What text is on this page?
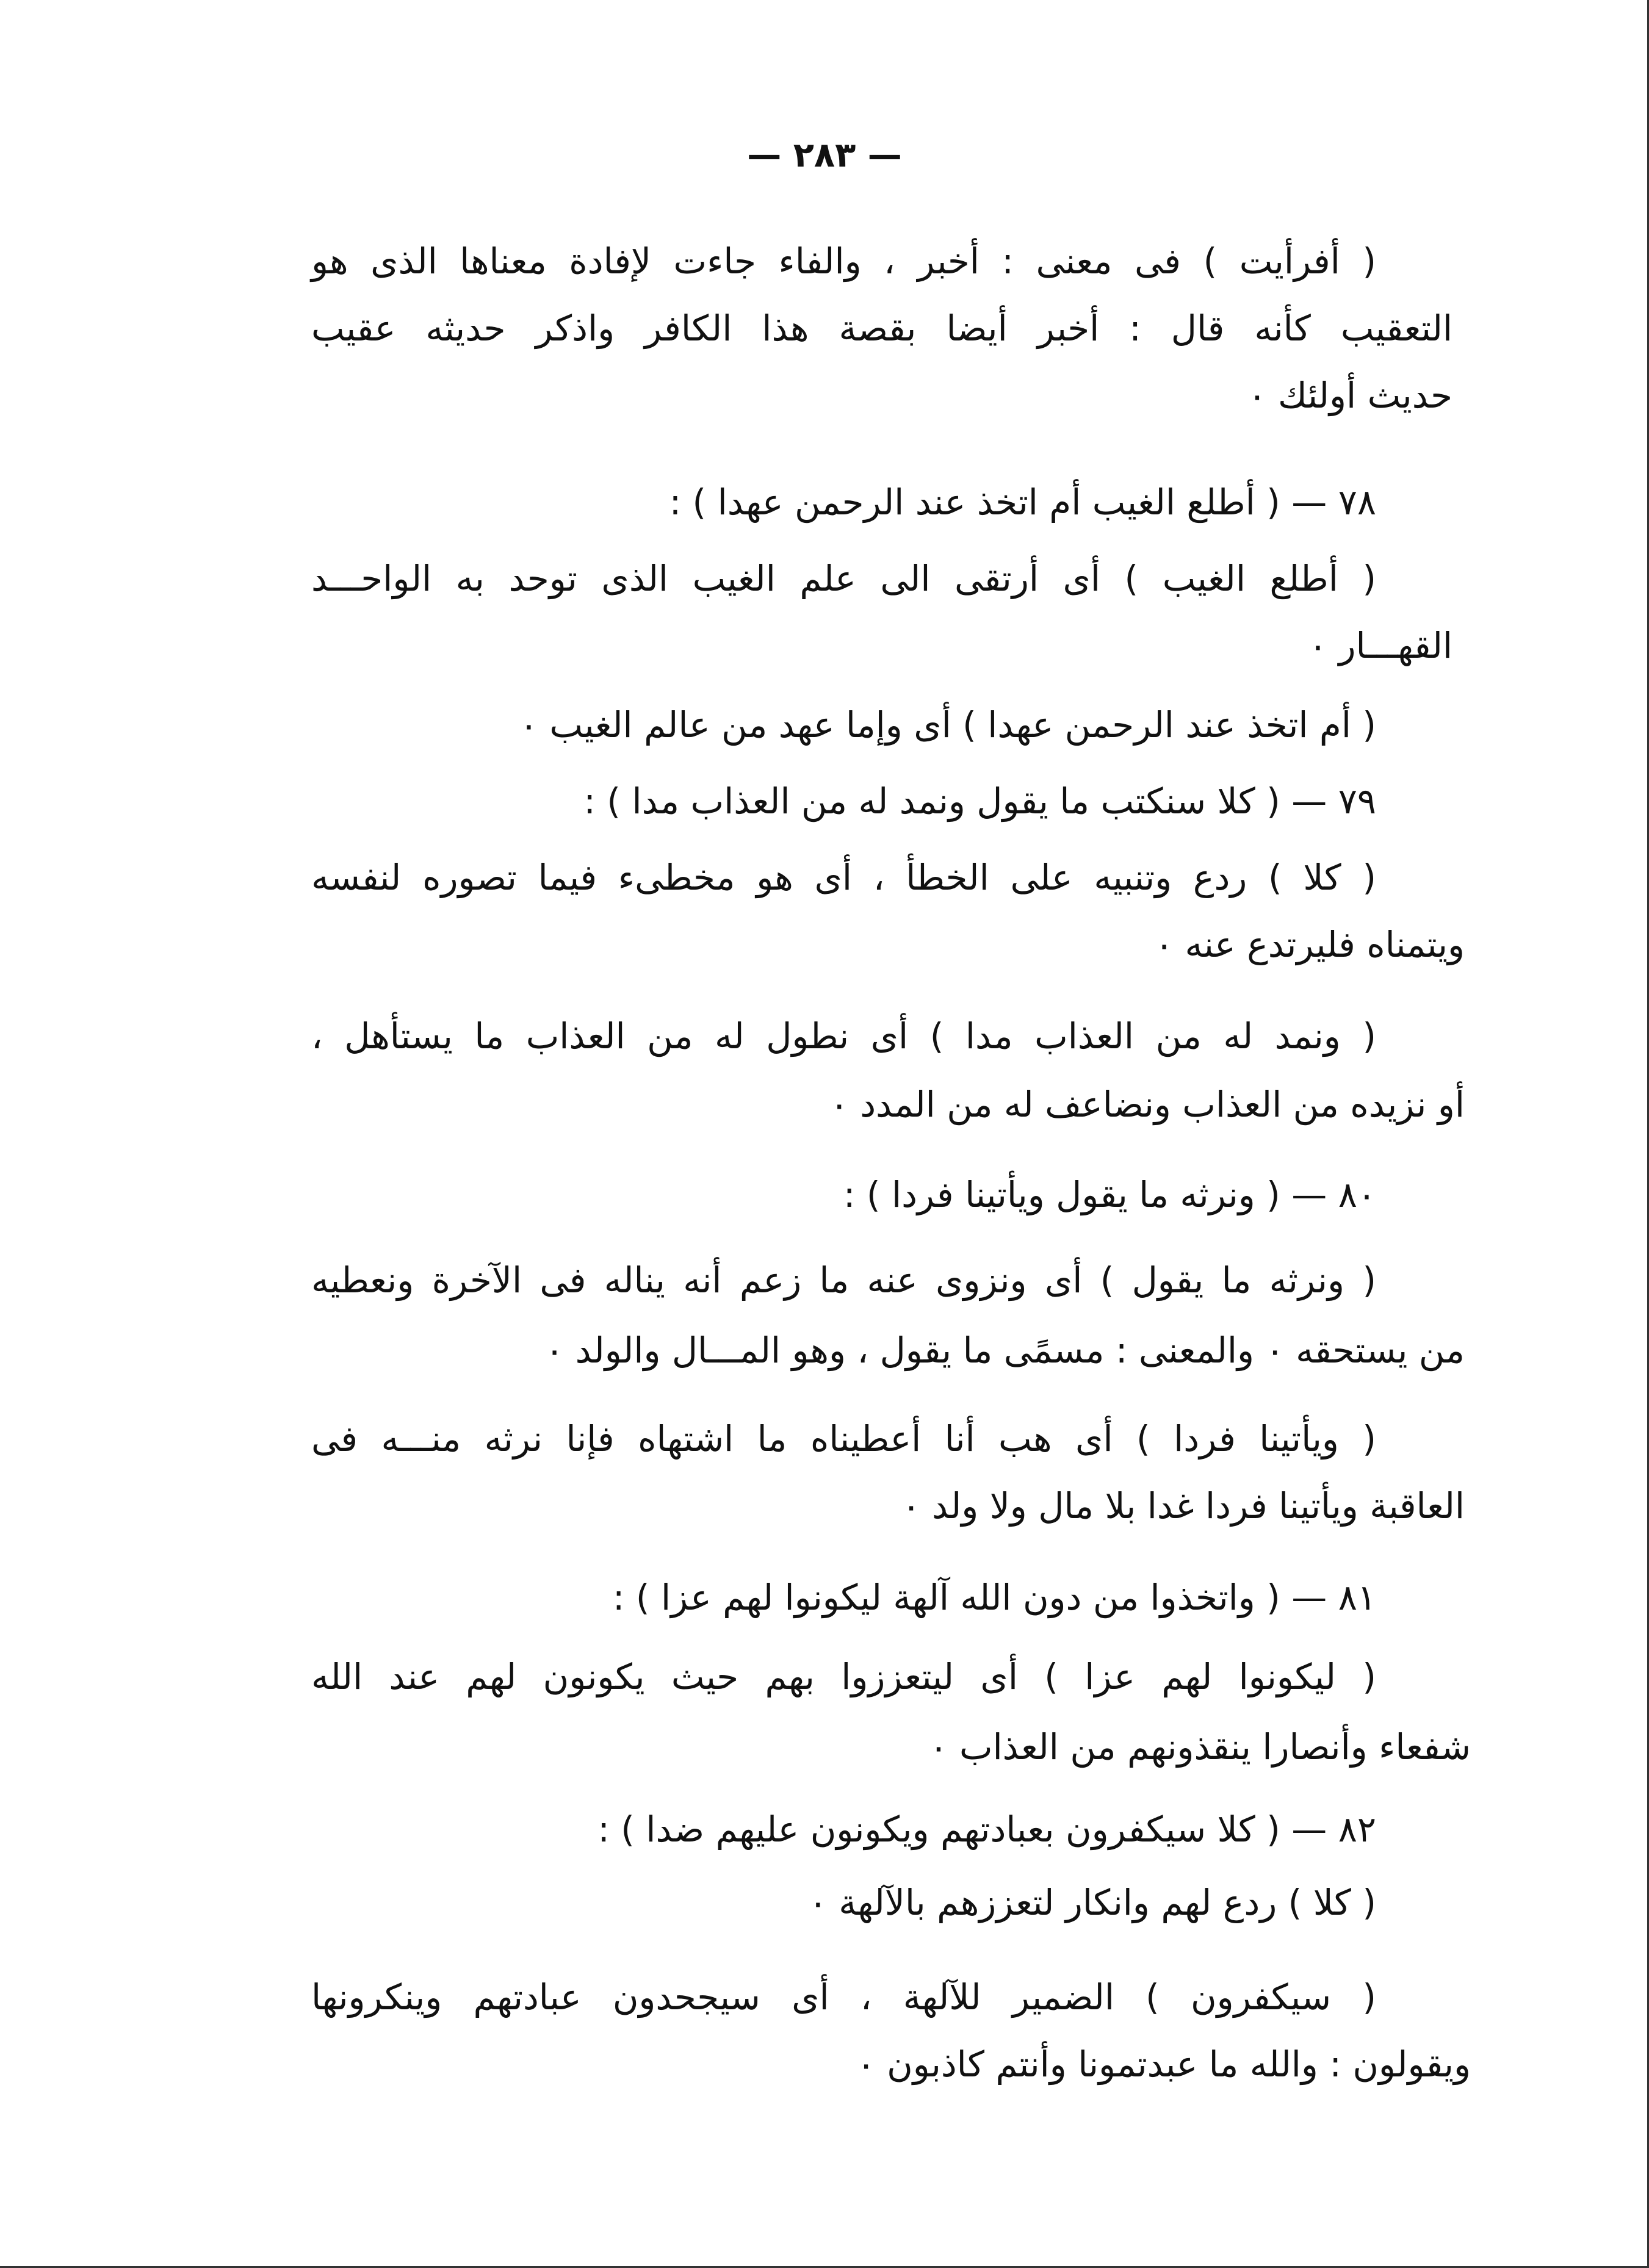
— ٢٨٣ —
( أفرأيت ) فى معنى : أخبر ، والفاء جاءت لإفادة معناها الذى هو
التعقيب كأنه قال : أخبر أيضا بقصة هذا الكافر واذكر حديثه عقيب
حديث أولئك ٠
٧٨ — ( أطلع الغيب أم اتخذ عند الرحمن عهدا ) :
( أطلع الغيب ) أى أرتقى الى علم الغيب الذى توحد به الواحـــد
القهـــار ٠
( أم اتخذ عند الرحمن عهدا ) أى وإما عهد من عالم الغيب ٠
٧٩ — ( كلا سنكتب ما يقول ونمد له من العذاب مدا ) :
( كلا ) ردع وتنبيه على الخطأ ، أى هو مخطىء فيما تصوره لنفسه
ويتمناه فليرتدع عنه ٠
( ونمد له من العذاب مدا ) أى نطول له من العذاب ما يستأهل ،
أو نزيده من العذاب ونضاعف له من المدد ٠
٨٠ — ( ونرثه ما يقول ويأتينا فردا ) :
( ونرثه ما يقول ) أى ونزوى عنه ما زعم أنه يناله فى الآخرة ونعطيه
من يستحقه ٠ والمعنى : مسمًى ما يقول ، وهو المـــال والولد ٠
( ويأتينا فردا ) أى هب أنا أعطيناه ما اشتهاه فإنا نرثه منـــه فى
العاقبة ويأتينا فردا غدا بلا مال ولا ولد ٠
٨١ — ( واتخذوا من دون الله آلهة ليكونوا لهم عزا ) :
( ليكونوا لهم عزا ) أى ليتعززوا بهم حيث يكونون لهم عند الله
شفعاء وأنصارا ينقذونهم من العذاب ٠
٨٢ — ( كلا سيكفرون بعبادتهم ويكونون عليهم ضدا ) :
( كلا ) ردع لهم وانكار لتعززهم بالآلهة ٠
( سيكفرون ) الضمير للآلهة ، أى سيجحدون عبادتهم وينكرونها
ويقولون : والله ما عبدتمونا وأنتم كاذبون ٠
